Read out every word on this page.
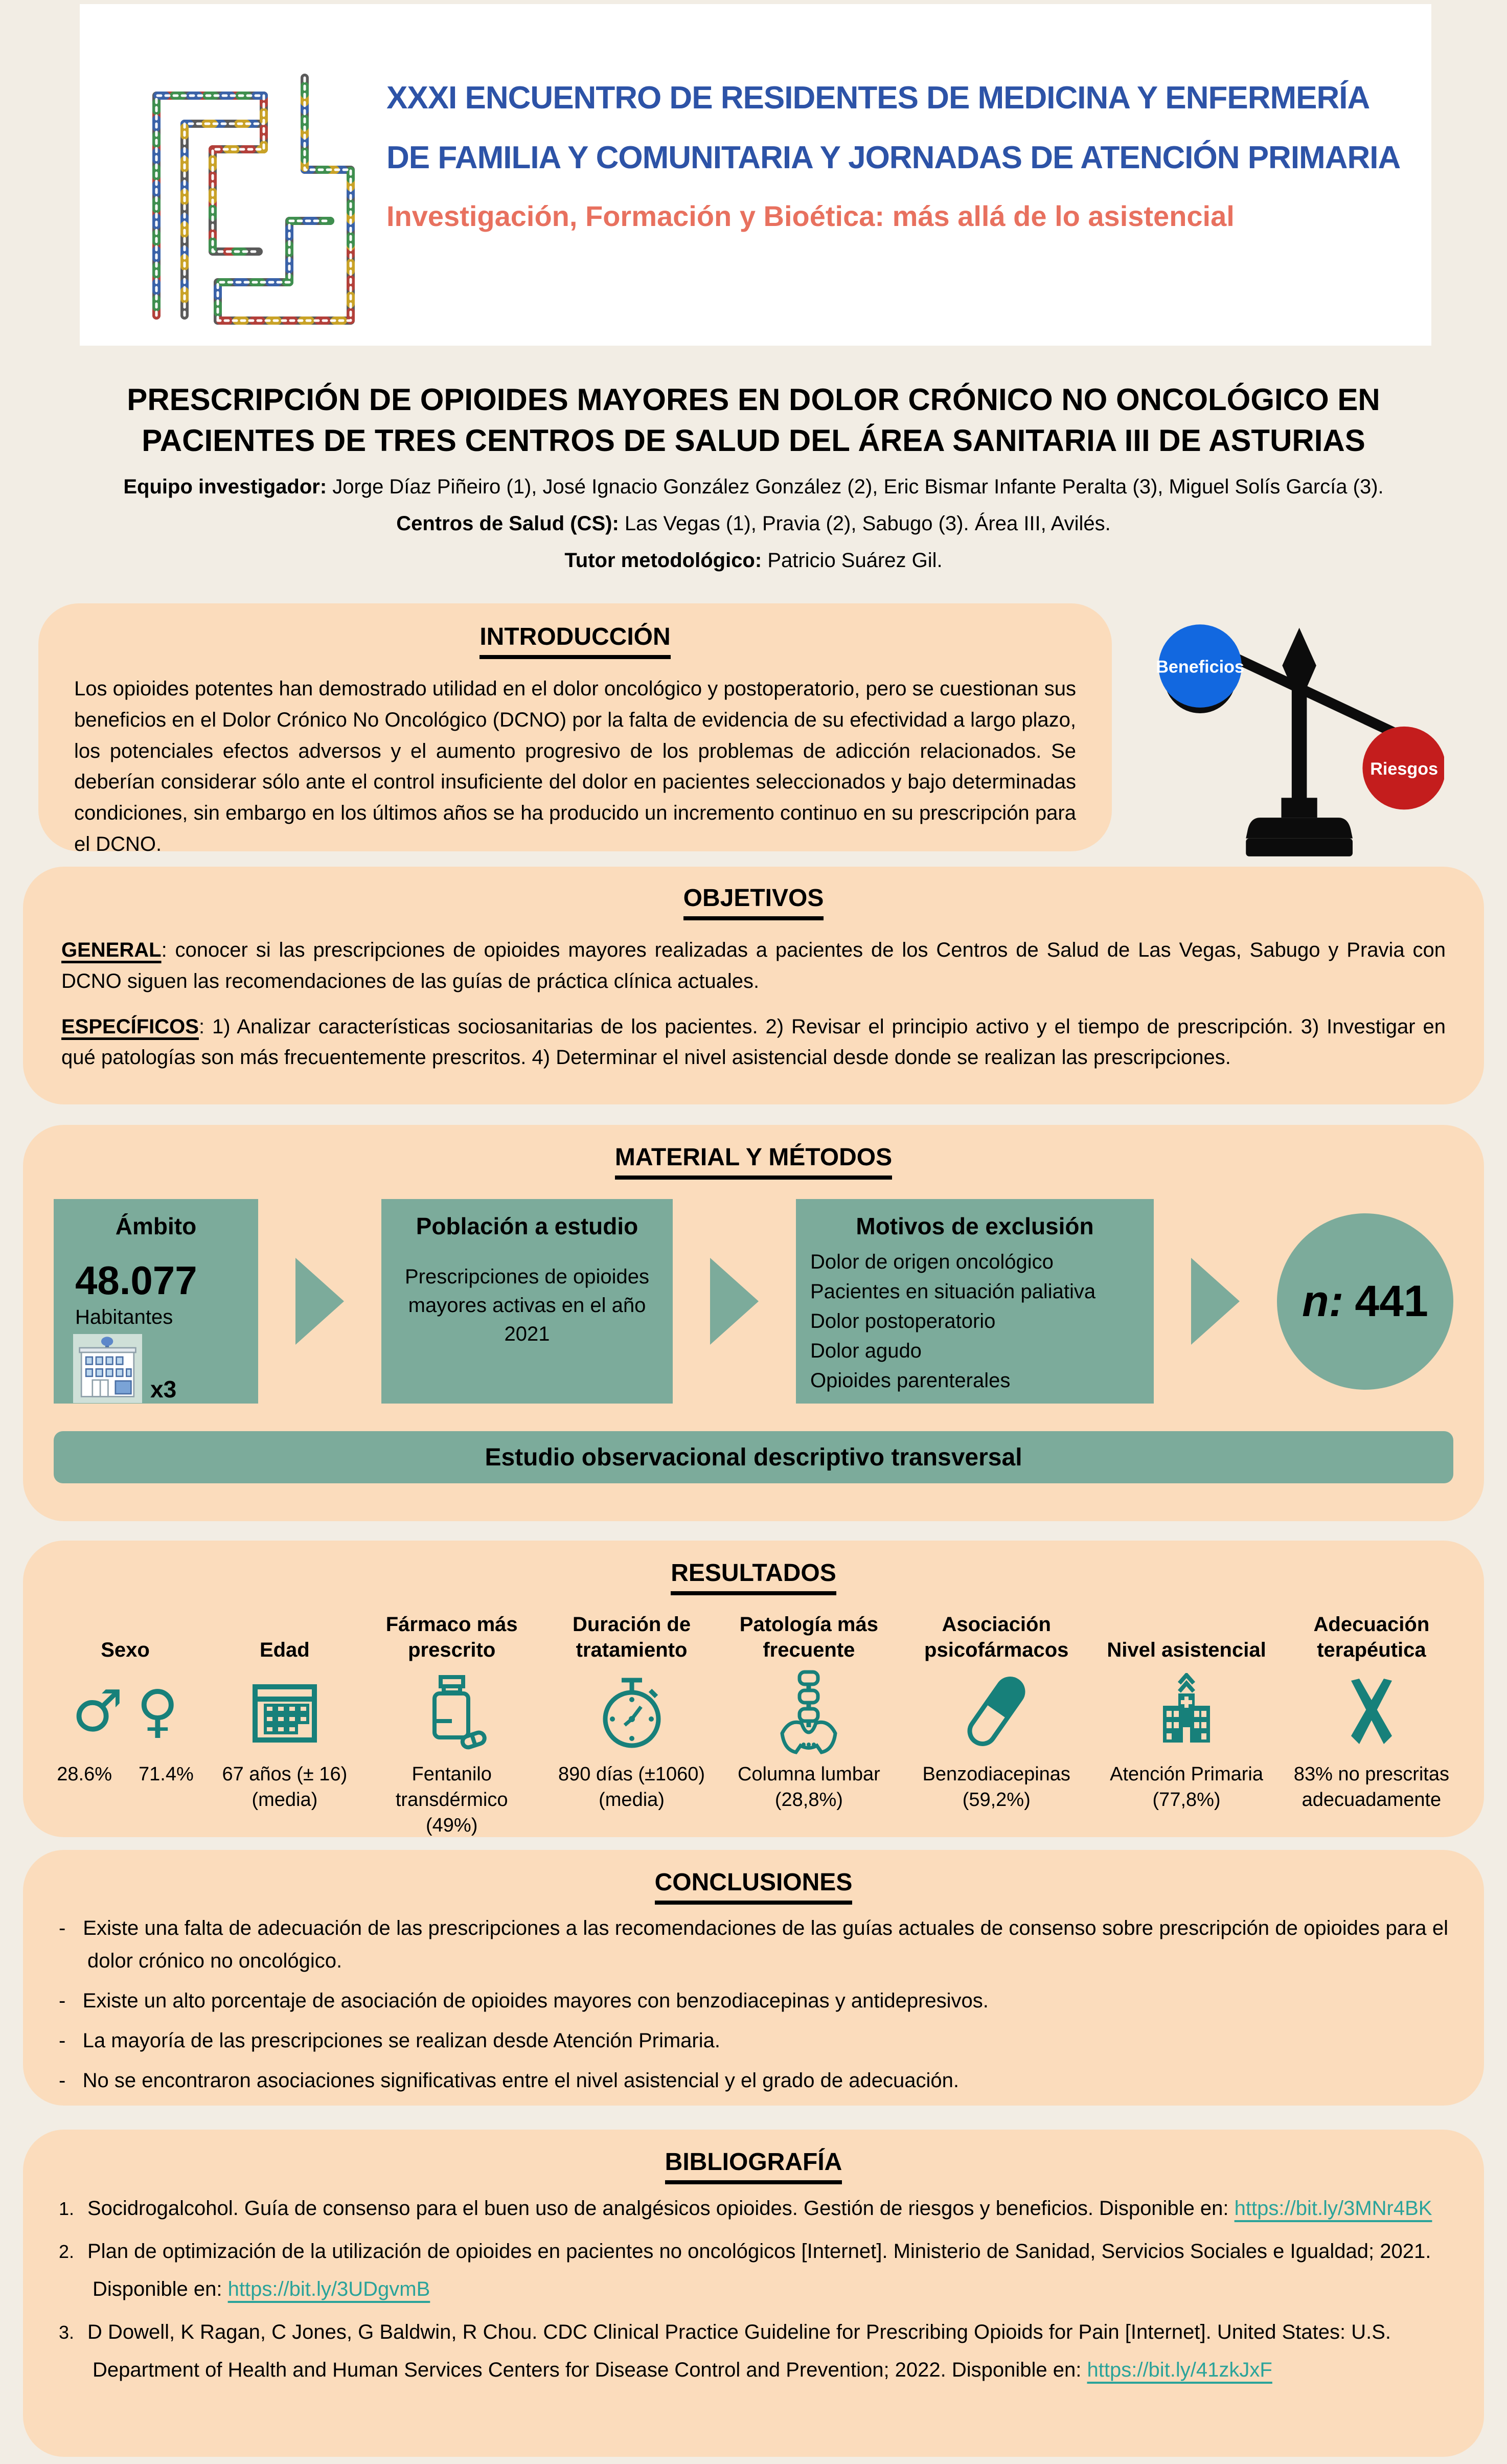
XXXI ENCUENTRO DE RESIDENTES DE MEDICINA Y ENFERMERÍA
DE FAMILIA Y COMUNITARIA Y JORNADAS DE ATENCIÓN PRIMARIA
Investigación, Formación y Bioética: más allá de lo asistencial
PRESCRIPCIÓN DE OPIOIDES MAYORES EN DOLOR CRÓNICO NO ONCOLÓGICO EN
PACIENTES DE TRES CENTROS DE SALUD DEL ÁREA SANITARIA III DE ASTURIAS
Equipo investigador: Jorge Díaz Piñeiro (1), José Ignacio González González (2), Eric Bismar Infante Peralta (3), Miguel Solís García (3).
Centros de Salud (CS): Las Vegas (1), Pravia (2), Sabugo (3). Área III, Avilés.
Tutor metodológico: Patricio Suárez Gil.
INTRODUCCIÓN
Los opioides potentes han demostrado utilidad en el dolor oncológico y postoperatorio, pero se cuestionan sus beneficios en el Dolor Crónico No Oncológico (DCNO) por la falta de evidencia de su efectividad a largo plazo, los potenciales efectos adversos y el aumento progresivo de los problemas de adicción relacionados. Se deberían considerar sólo ante el control insuficiente del dolor en pacientes seleccionados y bajo determinadas condiciones, sin embargo en los últimos años se ha producido un incremento continuo en su prescripción para el DCNO.
Beneficios
Riesgos
OBJETIVOS
GENERAL: conocer si las prescripciones de opioides mayores realizadas a pacientes de los Centros de Salud de Las Vegas, Sabugo y Pravia con DCNO siguen las recomendaciones de las guías de práctica clínica actuales.
ESPECÍFICOS: 1) Analizar características sociosanitarias de los pacientes. 2) Revisar el principio activo y el tiempo de prescripción. 3) Investigar en qué patologías son más frecuentemente prescritos. 4) Determinar el nivel asistencial desde donde se realizan las prescripciones.
MATERIAL Y MÉTODOS
Ámbito
48.077
Habitantes
x3
Población a estudio
Prescripciones de opioides mayores activas en el año 2021
Motivos de exclusión
Dolor de origen oncológico
Pacientes en situación paliativa
Dolor postoperatorio
Dolor agudo
Opioides parenterales
n: 441
Estudio observacional descriptivo transversal
RESULTADOS
Sexo
♂ ♀
28.6% 71.4%
Edad
67 años (± 16) (media)
Fármaco más prescrito
Fentanilo transdérmico (49%)
Duración de tratamiento
890 días (±1060) (media)
Patología más frecuente
Columna lumbar (28,8%)
Asociación psicofármacos
Benzodiacepinas (59,2%)
Nivel asistencial
Atención Primaria (77,8%)
Adecuación terapéutica
83% no prescritas adecuadamente
CONCLUSIONES
-   Existe una falta de adecuación de las prescripciones a las recomendaciones de las guías actuales de consenso sobre prescripción de opioides para el dolor crónico no oncológico.
-   Existe un alto porcentaje de asociación de opioides mayores con benzodiacepinas y antidepresivos.
-   La mayoría de las prescripciones se realizan desde Atención Primaria.
-   No se encontraron asociaciones significativas entre el nivel asistencial y el grado de adecuación.
BIBLIOGRAFÍA
1. Socidrogalcohol. Guía de consenso para el buen uso de analgésicos opioides. Gestión de riesgos y beneficios. Disponible en: https://bit.ly/3MNr4BK
2. Plan de optimización de la utilización de opioides en pacientes no oncológicos [Internet]. Ministerio de Sanidad, Servicios Sociales e Igualdad; 2021. Disponible en: https://bit.ly/3UDgvmB
3. D Dowell, K Ragan, C Jones, G Baldwin, R Chou. CDC Clinical Practice Guideline for Prescribing Opioids for Pain [Internet]. United States: U.S. Department of Health and Human Services Centers for Disease Control and Prevention; 2022. Disponible en: https://bit.ly/41zkJxF
